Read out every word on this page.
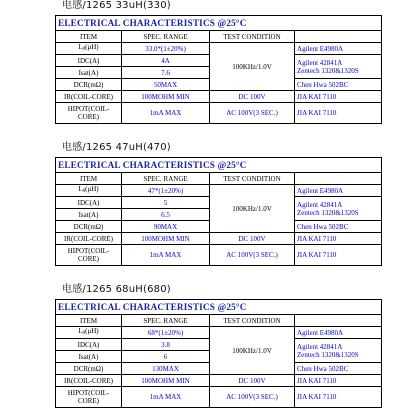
电感/1265 33uH(330)
ELECTRICAL CHARACTERISTICS @25°C			
ITEM	SPEC. RANGE	TEST CONDITION	
$L_0(\mu H)$	33.0*(1±20%)	100KHz/1.0V	Agilent E4980A
IDC(A)	4A		Agilent 42841A
Zentech 1320&1320S
Isat(A)	7.6		
DCR(mΩ)	50MAX		Chen Hwa 502BC
IR(COIL-CORE)	100MOHM MIN	DC 100V	JIA KAI 7110
HIPOT(COIL-
CORE)	1mA MAX	AC 100V(3 SEC.)	JIA KAI 7110
电感/1265 47uH(470)
ELECTRICAL CHARACTERISTICS @25°C			
ITEM	SPEC. RANGE	TEST CONDITION	
$L_0(\mu H)$	47*(1±20%)	100KHz/1.0V	Agilent E4980A
IDC(A)	5		Agilent 42841A
Zentech 1320&1320S
Isat(A)	6.5		
DCR(mΩ)	90MAX		Chen Hwa 502BC
IR(COIL-CORE)	100MOHM MIN	DC 100V	JIA KAI 7110
HIPOT(COIL-
CORE)	1mA MAX	AC 100V(3 SEC.)	JIA KAI 7110
电感/1265 68uH(680)
ELECTRICAL CHARACTERISTICS @25°C			
ITEM	SPEC. RANGE	TEST CONDITION	
$L_0(\mu H)$	68*(1±20%)	100KHz/1.0V	Agilent E4980A
IDC(A)	3.8		Agilent 42841A
Zentech 1320&1320S
Isat(A)	6		
DCR(mΩ)	130MAX		Chen Hwa 502BC
IR(COIL-CORE)	100MOHM MIN	DC 100V	JIA KAI 7110
HIPOT(COIL-
CORE)	1mA MAX	AC 100V(3 SEC.)	JIA KAI 7110
